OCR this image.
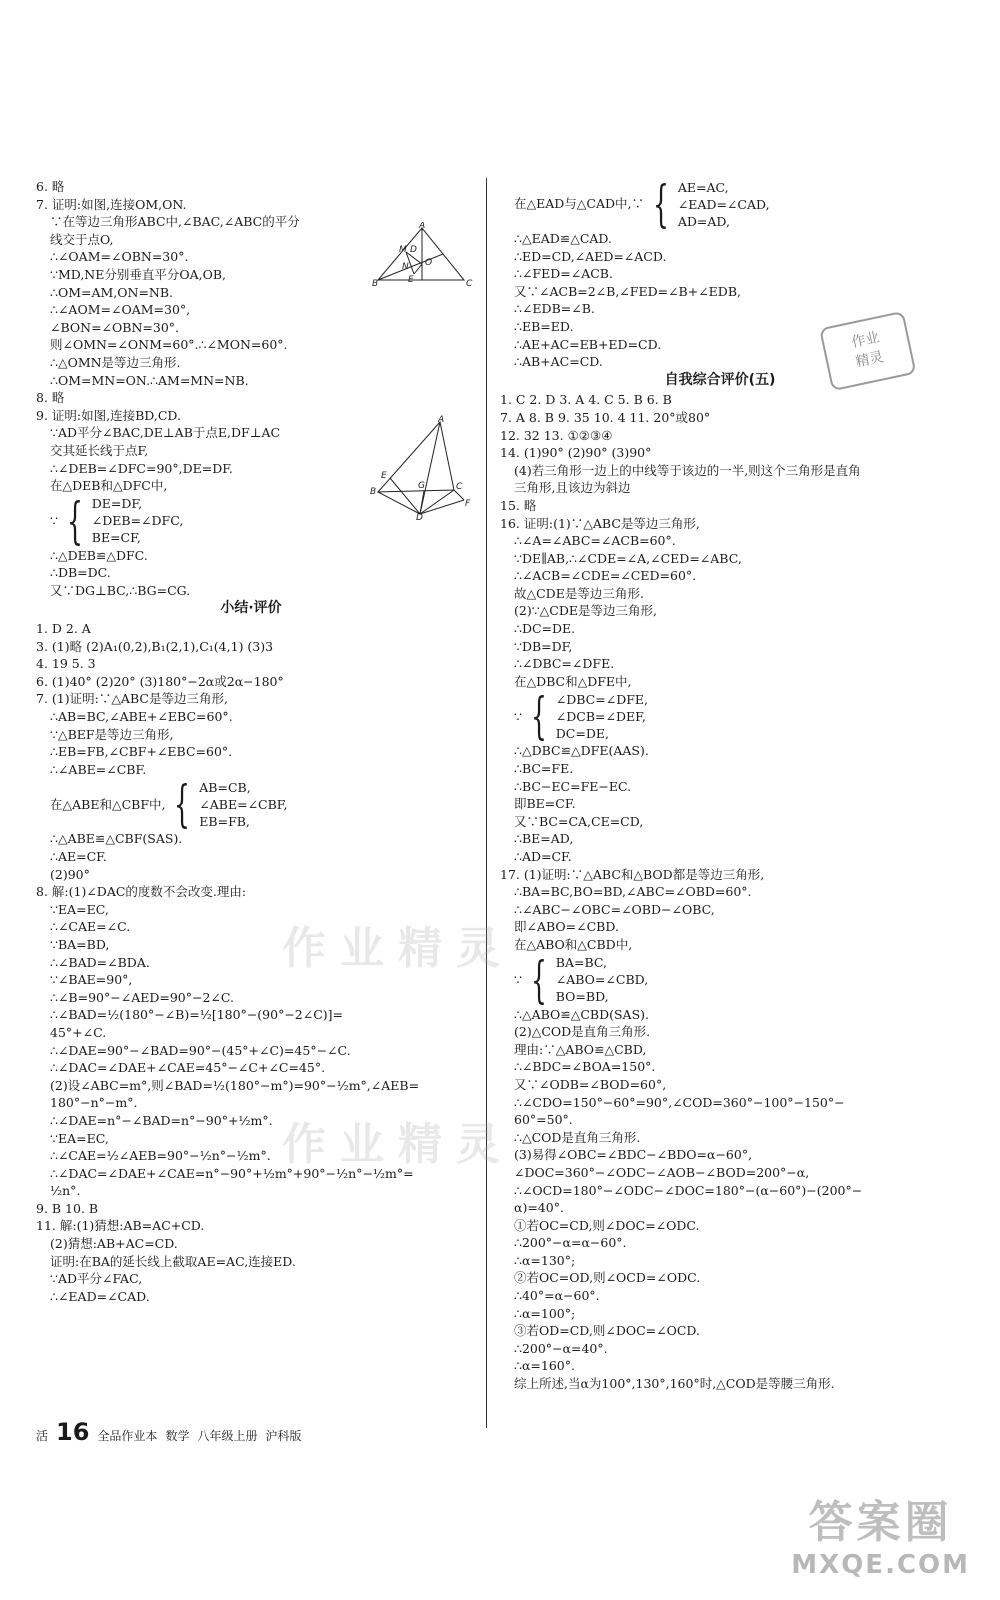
6. 略
7. 证明:如图,连接OM,ON.
∵在等边三角形ABC中,∠BAC,∠ABC的平分
线交于点O,
∴∠OAM=∠OBN=30°.
∵MD,NE分别垂直平分OA,OB,
∴OM=AM,ON=NB.
∴∠AOM=∠OAM=30°,
∠BON=∠OBN=30°.
则∠OMN=∠ONM=60°.∴∠MON=60°.
∴△OMN是等边三角形.
∴OM=MN=ON.∴AM=MN=NB.
8. 略
9. 证明:如图,连接BD,CD.
∵AD平分∠BAC,DE⊥AB于点E,DF⊥AC
交其延长线于点F,
∴∠DEB=∠DFC=90°,DE=DF.
在△DEB和△DFC中,
∵ { DE=DF,
∠DEB=∠DFC,
BE=CF,
∴△DEB≌△DFC.
∴DB=DC.
又∵DG⊥BC,∴BG=CG.
小结·评价
1. D 2. A
3. (1)略 (2)A₁(0,2),B₁(2,1),C₁(4,1) (3)3
4. 19 5. 3
6. (1)40° (2)20° (3)180°−2α或2α−180°
7. (1)证明:∵△ABC是等边三角形,
∴AB=BC,∠ABE+∠EBC=60°.
∵△BEF是等边三角形,
∴EB=FB,∠CBF+∠EBC=60°.
∴∠ABE=∠CBF.
在△ABE和△CBF中, { AB=CB,
∠ABE=∠CBF,
EB=FB,
∴△ABE≌△CBF(SAS).
∴AE=CF.
(2)90°
8. 解:(1)∠DAC的度数不会改变.理由:
∵EA=EC,
∴∠CAE=∠C.
∵BA=BD,
∴∠BAD=∠BDA.
∵∠BAE=90°,
∴∠B=90°−∠AED=90°−2∠C.
∴∠BAD=½(180°−∠B)=½[180°−(90°−2∠C)]=
45°+∠C.
∴∠DAE=90°−∠BAD=90°−(45°+∠C)=45°−∠C.
∴∠DAC=∠DAE+∠CAE=45°−∠C+∠C=45°.
(2)设∠ABC=m°,则∠BAD=½(180°−m°)=90°−½m°,∠AEB=
180°−n°−m°.
∴∠DAE=n°−∠BAD=n°−90°+½m°.
∵EA=EC,
∴∠CAE=½∠AEB=90°−½n°−½m°.
∴∠DAC=∠DAE+∠CAE=n°−90°+½m°+90°−½n°−½m°=
½n°.
9. B 10. B
11. 解:(1)猜想:AB=AC+CD.
(2)猜想:AB+AC=CD.
证明:在BA的延长线上截取AE=AC,连接ED.
∵AD平分∠FAC,
∴∠EAD=∠CAD.
在△EAD与△CAD中,∵ { AE=AC,
∠EAD=∠CAD,
AD=AD,
∴△EAD≌△CAD.
∴ED=CD,∠AED=∠ACD.
∴∠FED=∠ACB.
又∵∠ACB=2∠B,∠FED=∠B+∠EDB,
∴∠EDB=∠B.
∴EB=ED.
∴AE+AC=EB+ED=CD.
∴AB+AC=CD.
自我综合评价(五)
1. C 2. D 3. A 4. C 5. B 6. B
7. A 8. B 9. 35 10. 4 11. 20°或80°
12. 32 13. ①②③④
14. (1)90° (2)90° (3)90°
(4)若三角形一边上的中线等于该边的一半,则这个三角形是直角
三角形,且该边为斜边
15. 略
16. 证明:(1)∵△ABC是等边三角形,
∴∠A=∠ABC=∠ACB=60°.
∵DE∥AB,∴∠CDE=∠A,∠CED=∠ABC,
∴∠ACB=∠CDE=∠CED=60°.
故△CDE是等边三角形.
(2)∵△CDE是等边三角形,
∴DC=DE.
∵DB=DF,
∴∠DBC=∠DFE.
在△DBC和△DFE中,
∵ { ∠DBC=∠DFE,
∠DCB=∠DEF,
DC=DE,
∴△DBC≌△DFE(AAS).
∴BC=FE.
∴BC−EC=FE−EC.
即BE=CF.
又∵BC=CA,CE=CD,
∴BE=AD,
∴AD=CF.
17. (1)证明:∵△ABC和△BOD都是等边三角形,
∴BA=BC,BO=BD,∠ABC=∠OBD=60°.
∴∠ABC−∠OBC=∠OBD−∠OBC,
即∠ABO=∠CBD.
在△ABO和△CBD中,
∵ { BA=BC,
∠ABO=∠CBD,
BO=BD,
∴△ABO≌△CBD(SAS).
(2)△COD是直角三角形.
理由:∵△ABO≌△CBD,
∴∠BDC=∠BOA=150°.
又∵∠ODB=∠BOD=60°,
∴∠CDO=150°−60°=90°,∠COD=360°−100°−150°−
60°=50°.
∴△COD是直角三角形.
(3)易得∠OBC=∠BDC−∠BDO=α−60°,
∠DOC=360°−∠ODC−∠AOB−∠BOD=200°−α,
∴∠OCD=180°−∠ODC−∠DOC=180°−(α−60°)−(200°−
α)=40°.
①若OC=CD,则∠DOC=∠ODC.
∴200°−α=α−60°.
∴α=130°;
②若OC=OD,则∠OCD=∠ODC.
∴40°=α−60°.
∴α=100°;
③若OD=CD,则∠DOC=∠OCD.
∴200°−α=40°.
∴α=160°.
综上所述,当α为100°,130°,160°时,△COD是等腰三角形.
A
B	C
M
N O
D
E
A
B	C
D
E
F
G
作业
精灵
作业精灵
作业精灵
活 16 全品作业本 数学 八年级上册 沪科版
答案圈
MXQE.COM
